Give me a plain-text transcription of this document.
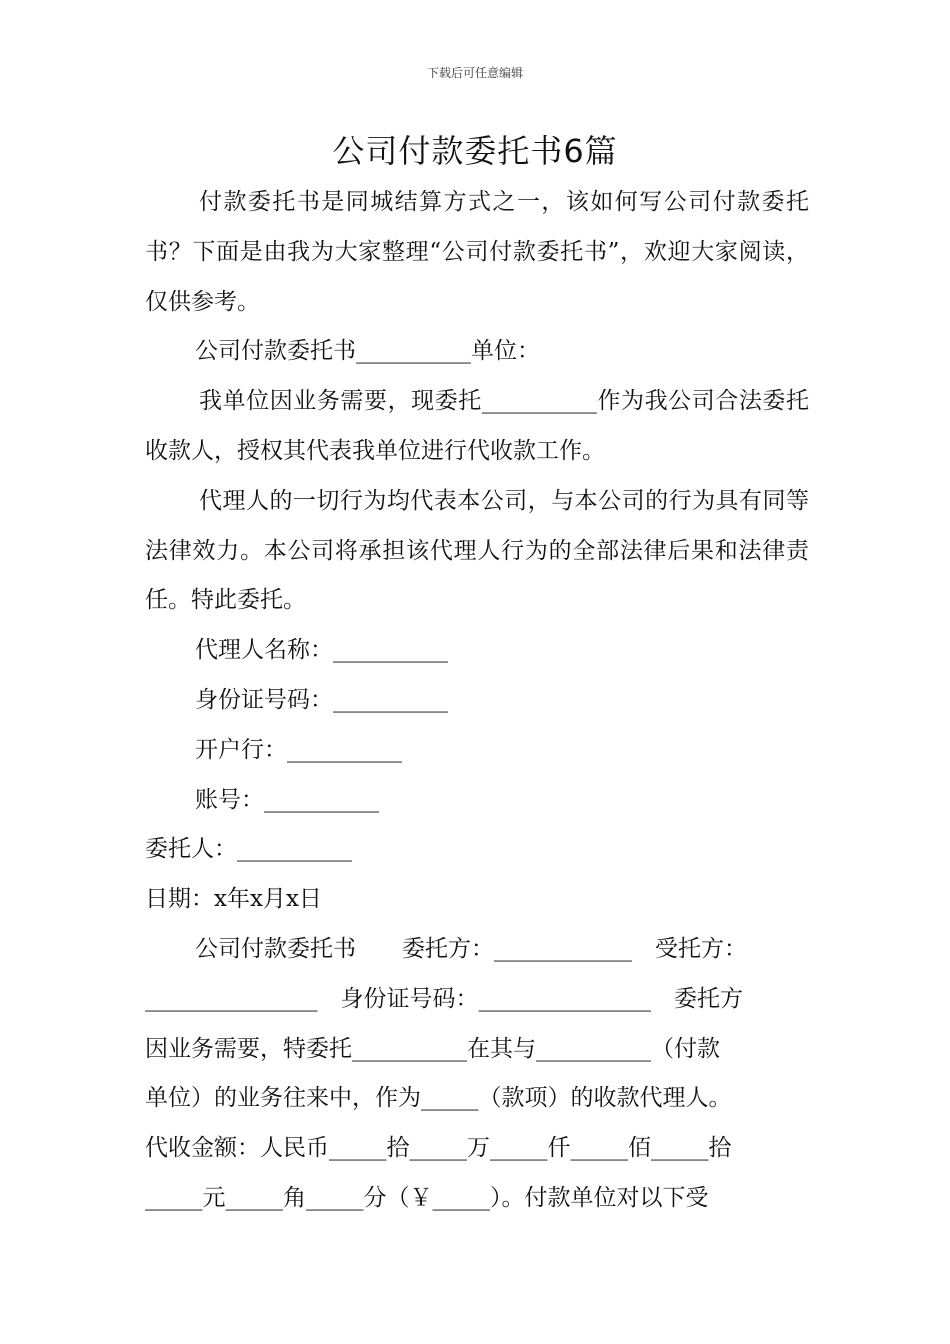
下载后可任意编辑
公司付款委托书6篇

付款委托书是同城结算方式之一，该如何写公司付款委托书？下面是由我为大家整理“公司付款委托书”，欢迎大家阅读，仅供参考。

公司付款委托书__________单位：

我单位因业务需要，现委托__________作为我公司合法委托收款人，授权其代表我单位进行代收款工作。

代理人的一切行为均代表本公司，与本公司的行为具有同等法律效力。本公司将承担该代理人行为的全部法律后果和法律责任。特此委托。

代理人名称：__________

身份证号码：__________

开户行：__________

账号：__________

委托人：__________

日期：x年x月x日

公司付款委托书　　委托方：____________　受托方：

_______________　身份证号码：_______________　委托方

因业务需要，特委托__________在其与__________（付款

单位）的业务往来中，作为_____（款项）的收款代理人。

代收金额：人民币_____拾_____万_____仟_____佰_____拾

_____元_____角_____分（￥_____）。付款单位对以下受
